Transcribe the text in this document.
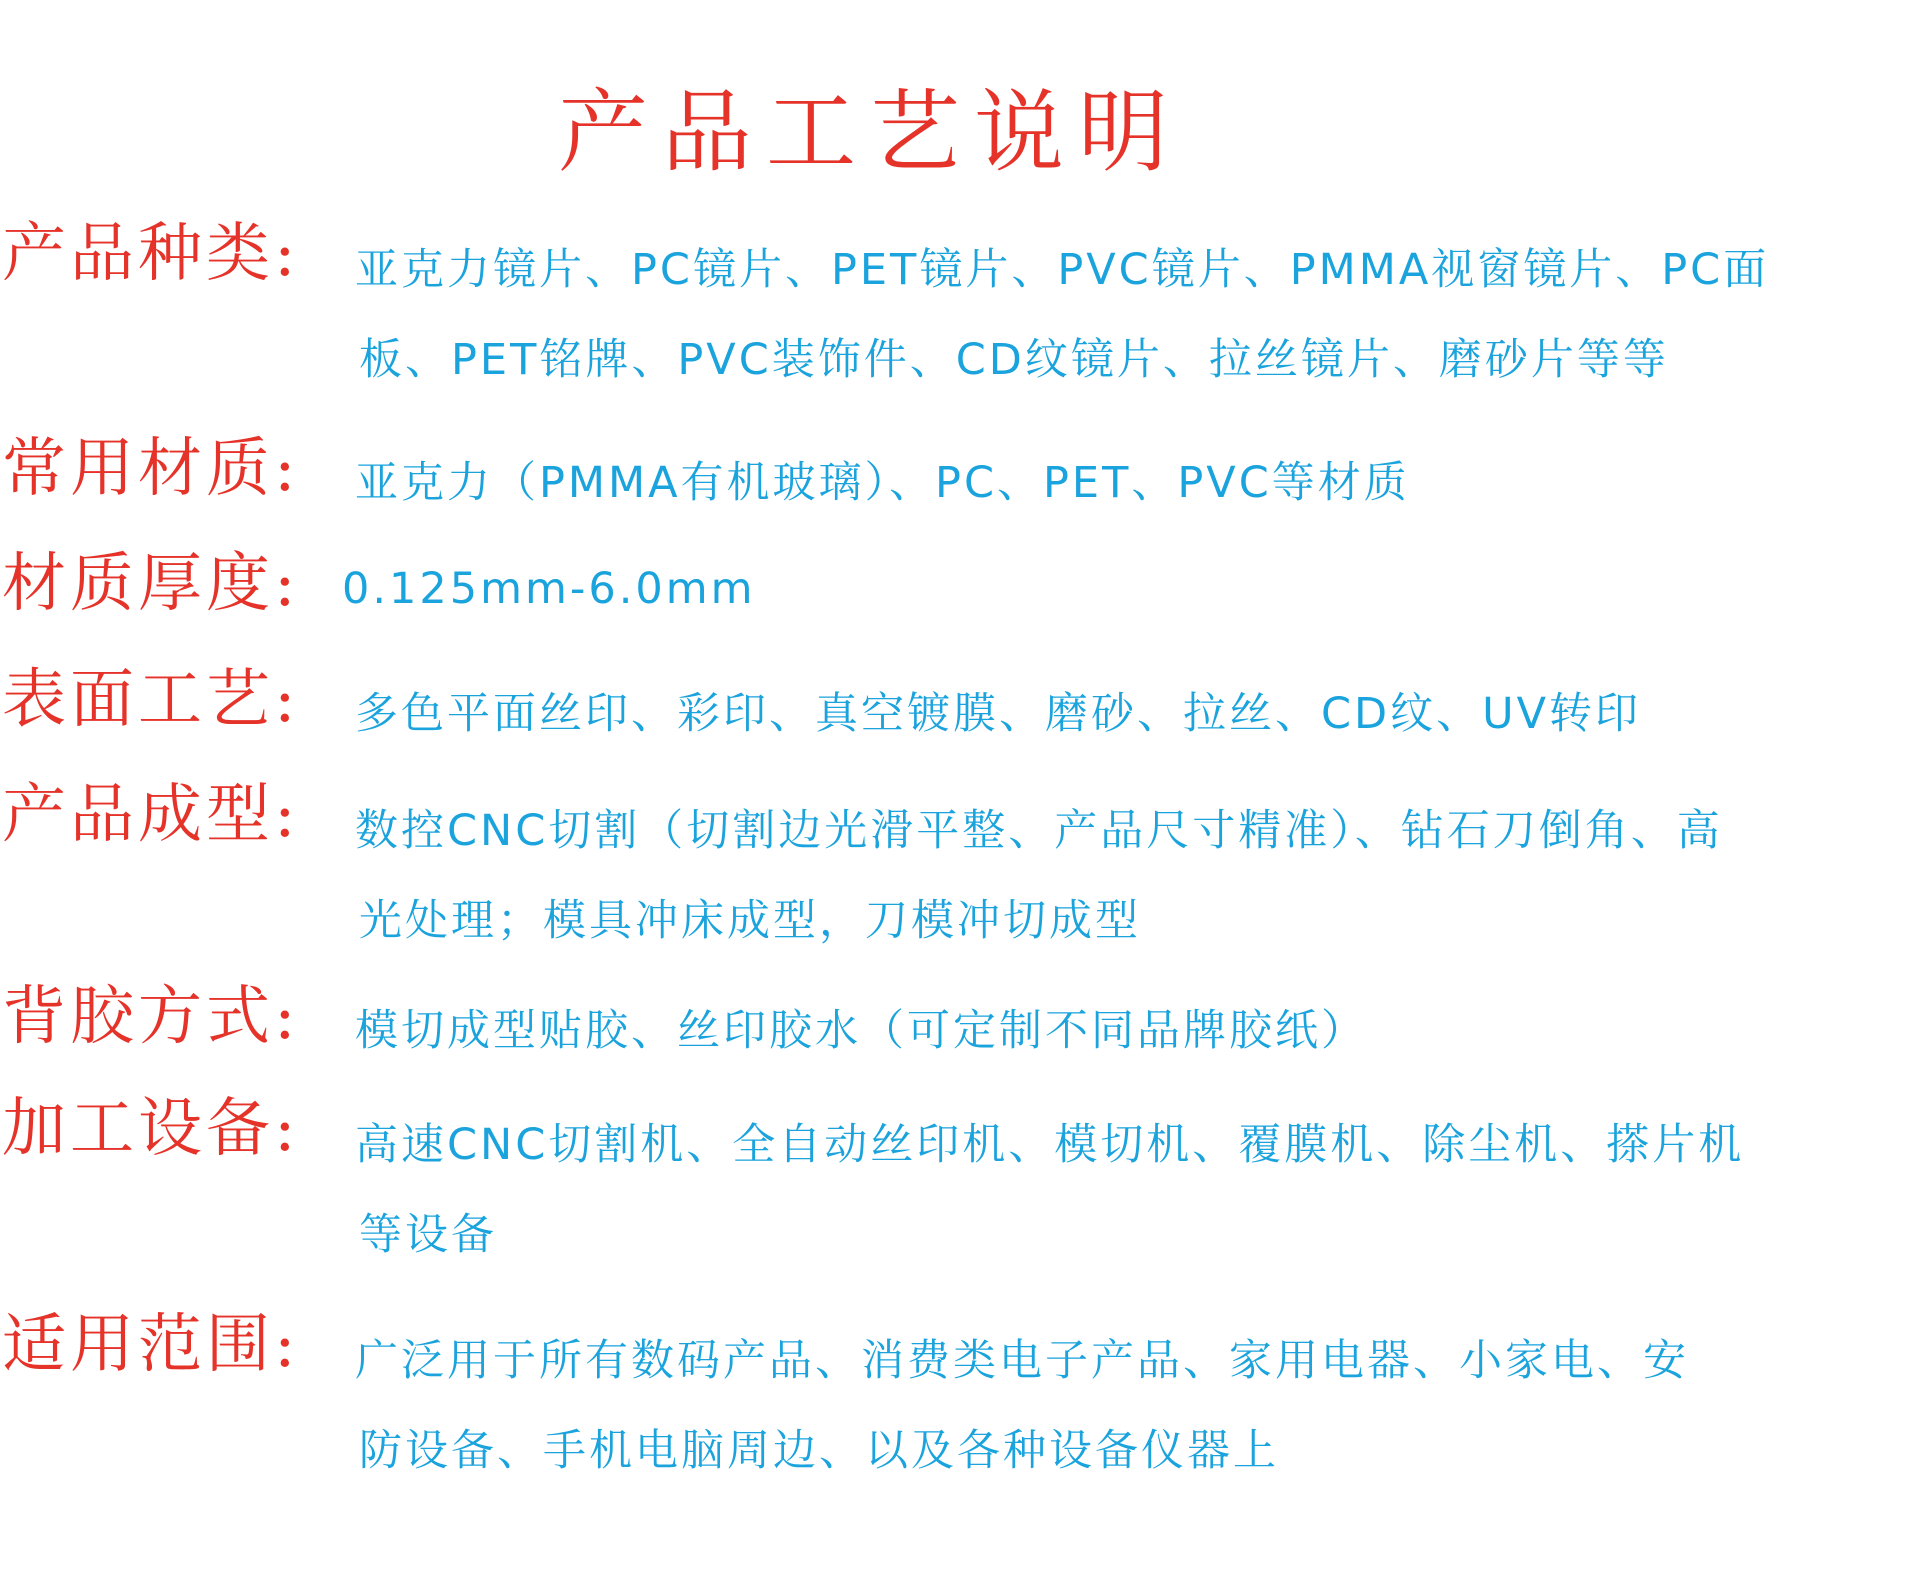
产品工艺说明
产品种类: 亚克力镜片、PC镜片、PET镜片、PVC镜片、PMMA视窗镜片、PC面
板、PET铭牌、PVC装饰件、CD纹镜片、拉丝镜片、磨砂片等等
常用材质: 亚克力（PMMA有机玻璃）、PC、PET、PVC等材质
材质厚度: 0.125mm-6.0mm
表面工艺: 多色平面丝印、彩印、真空镀膜、磨砂、拉丝、CD纹、UV转印
产品成型: 数控CNC切割（切割边光滑平整、产品尺寸精准）、钻石刀倒角、高
光处理；模具冲床成型，刀模冲切成型
背胶方式: 模切成型贴胶、丝印胶水（可定制不同品牌胶纸）
加工设备: 高速CNC切割机、全自动丝印机、模切机、覆膜机、除尘机、搽片机
等设备
适用范围: 广泛用于所有数码产品、消费类电子产品、家用电器、小家电、安
防设备、手机电脑周边、以及各种设备仪器上
